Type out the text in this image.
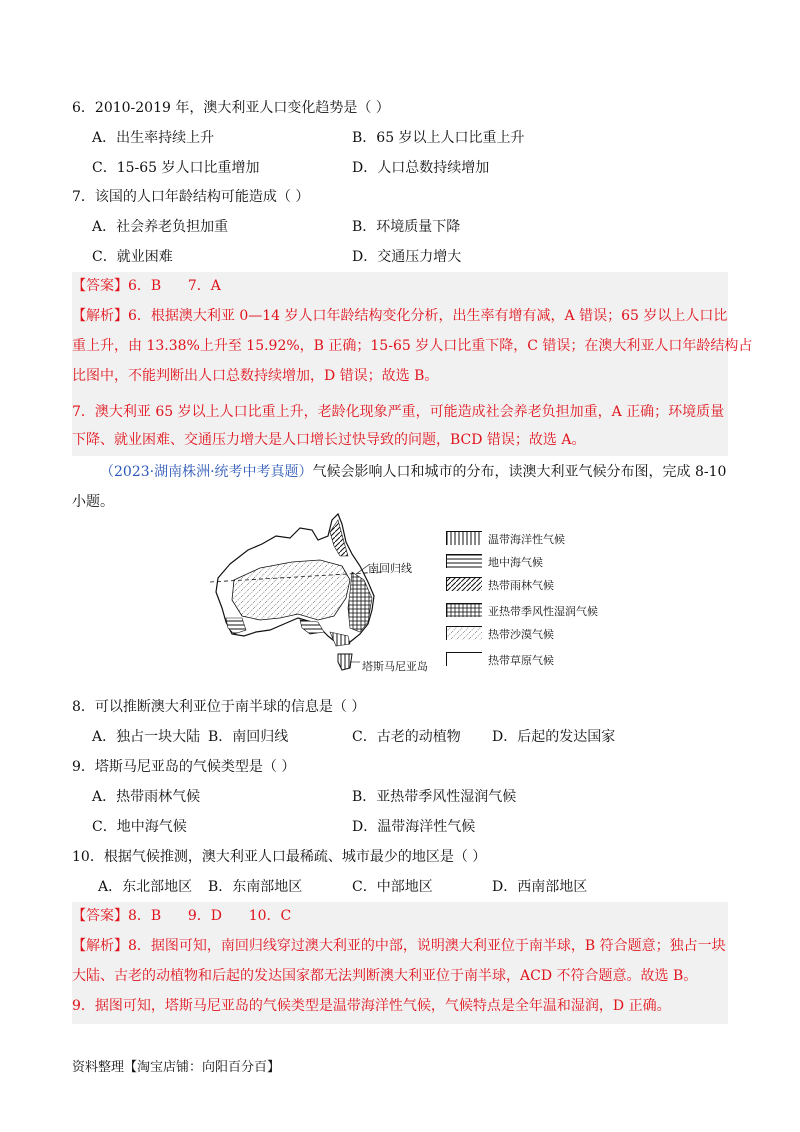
6．2010-2019 年，澳大利亚人口变化趋势是（ ）
A．出生率持续上升	B．65 岁以上人口比重上升
C．15-65 岁人口比重增加	D．人口总数持续增加
7．该国的人口年龄结构可能造成（ ）
A．社会养老负担加重	B．环境质量下降
C．就业困难	D．交通压力增大
【答案】6．B      7．A
【解析】6．根据澳大利亚 0—14 岁人口年龄结构变化分析，出生率有增有减，A 错误；65 岁以上人口比
重上升，由 13.38%上升至 15.92%，B 正确；15-65 岁人口比重下降，C 错误；在澳大利亚人口年龄结构占
比图中，不能判断出人口总数持续增加，D 错误；故选 B。
7．澳大利亚 65 岁以上人口比重上升，老龄化现象严重，可能造成社会养老负担加重，A 正确；环境质量
下降、就业困难、交通压力增大是人口增长过快导致的问题，BCD 错误；故选 A。
（2023·湖南株洲·统考中考真题）气候会影响人口和城市的分布，读澳大利亚气候分布图，完成 8-10
小题。
南回归线
塔斯马尼亚岛
温带海洋性气候
地中海气候
热带雨林气候
亚热带季风性湿润气候
热带沙漠气候
热带草原气候
8．可以推断澳大利亚位于南半球的信息是（ ）
A．独占一块大陆 B．南回归线	C．古老的动植物 D．后起的发达国家
9．塔斯马尼亚岛的气候类型是（ ）
A．热带雨林气候	B．亚热带季风性湿润气候
C．地中海气候	D．温带海洋性气候
10．根据气候推测，澳大利亚人口最稀疏、城市最少的地区是（ ）
A．东北部地区 B．东南部地区	C．中部地区	D．西南部地区
【答案】8．B      9．D      10．C
【解析】8．据图可知，南回归线穿过澳大利亚的中部，说明澳大利亚位于南半球，B 符合题意；独占一块
大陆、古老的动植物和后起的发达国家都无法判断澳大利亚位于南半球，ACD 不符合题意。故选 B。
9．据图可知，塔斯马尼亚岛的气候类型是温带海洋性气候，气候特点是全年温和湿润，D 正确。
资料整理【淘宝店铺：向阳百分百】
